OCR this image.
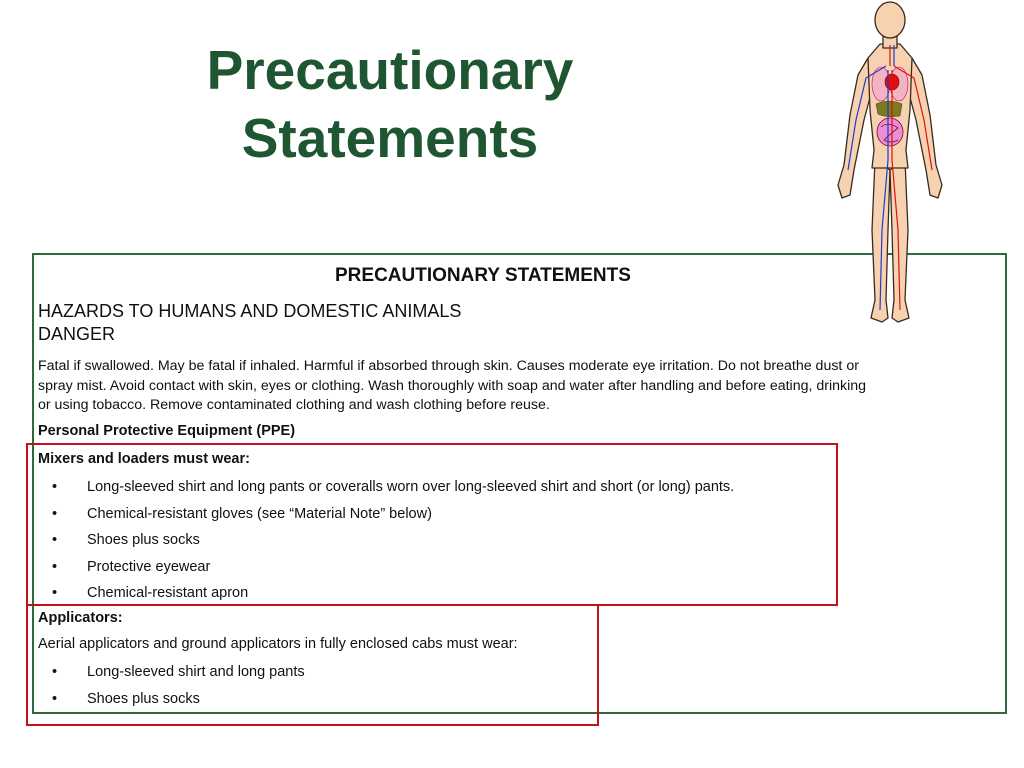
Precautionary
Statements
PRECAUTIONARY STATEMENTS
HAZARDS TO HUMANS AND DOMESTIC ANIMALS
DANGER
Fatal if swallowed. May be fatal if inhaled. Harmful if absorbed through skin. Causes moderate eye irritation. Do not breathe dust or
spray mist. Avoid contact with skin, eyes or clothing. Wash thoroughly with soap and water after handling and before eating, drinking
or using tobacco. Remove contaminated clothing and wash clothing before reuse.
Personal Protective Equipment (PPE)
Mixers and loaders must wear:
• Long-sleeved shirt and long pants or coveralls worn over long-sleeved shirt and short (or long) pants.
• Chemical-resistant gloves (see “Material Note” below)
• Shoes plus socks
• Protective eyewear
• Chemical-resistant apron
Applicators:
Aerial applicators and ground applicators in fully enclosed cabs must wear:
• Long-sleeved shirt and long pants
• Shoes plus socks
